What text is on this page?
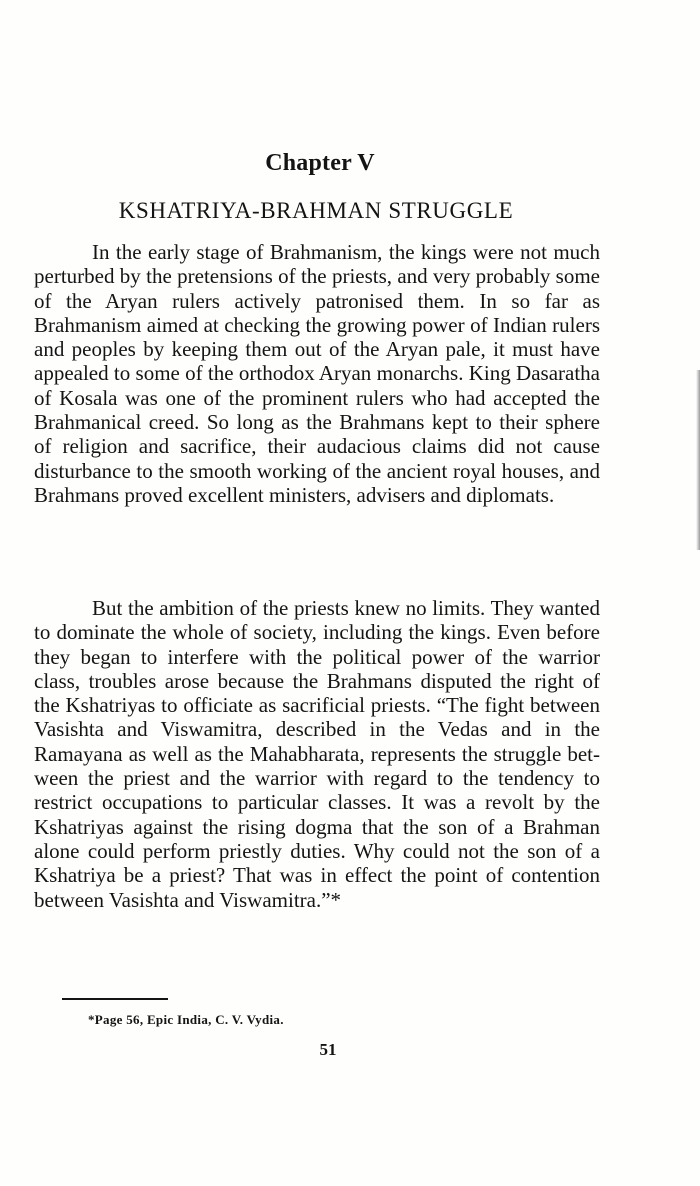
Chapter V
KSHATRIYA-BRAHMAN STRUGGLE

In the early stage of Brahmanism, the kings were not much perturbed by the pretensions of the priests, and very probably some of the Aryan rulers actively patronised them. In so far as Brahmanism aimed at checking the growing power of Indian rulers and peoples by keeping them out of the Aryan pale, it must have appealed to some of the orthodox Aryan monarchs. King Dasaratha of Kosala was one of the prominent rulers who had accepted the Brahmanical creed. So long as the Brahmans kept to their sphere of religion and sacrifice, their audacious claims did not cause disturbance to the smooth working of the ancient royal houses, and Brahmans proved excellent ministers, advisers and diplomats.

But the ambition of the priests knew no limits. They wanted to dominate the whole of society, including the kings. Even before they began to interfere with the political power of the warrior class, troubles arose because the Brahmans disputed the right of the Kshatriyas to officiate as sacrificial priests. “The fight between Vasishta and Viswamitra, described in the Vedas and in the Ramayana as well as the Mahabharata, represents the struggle between the priest and the warrior with regard to the tendency to restrict occupations to particular classes. It was a revolt by the Kshatriyas against the rising dogma that the son of a Brahman alone could perform priestly duties. Why could not the son of a Kshatriya be a priest? That was in effect the point of contention between Vasishta and Viswamitra.”*

*Page 56, Epic India, C. V. Vydia.
51
